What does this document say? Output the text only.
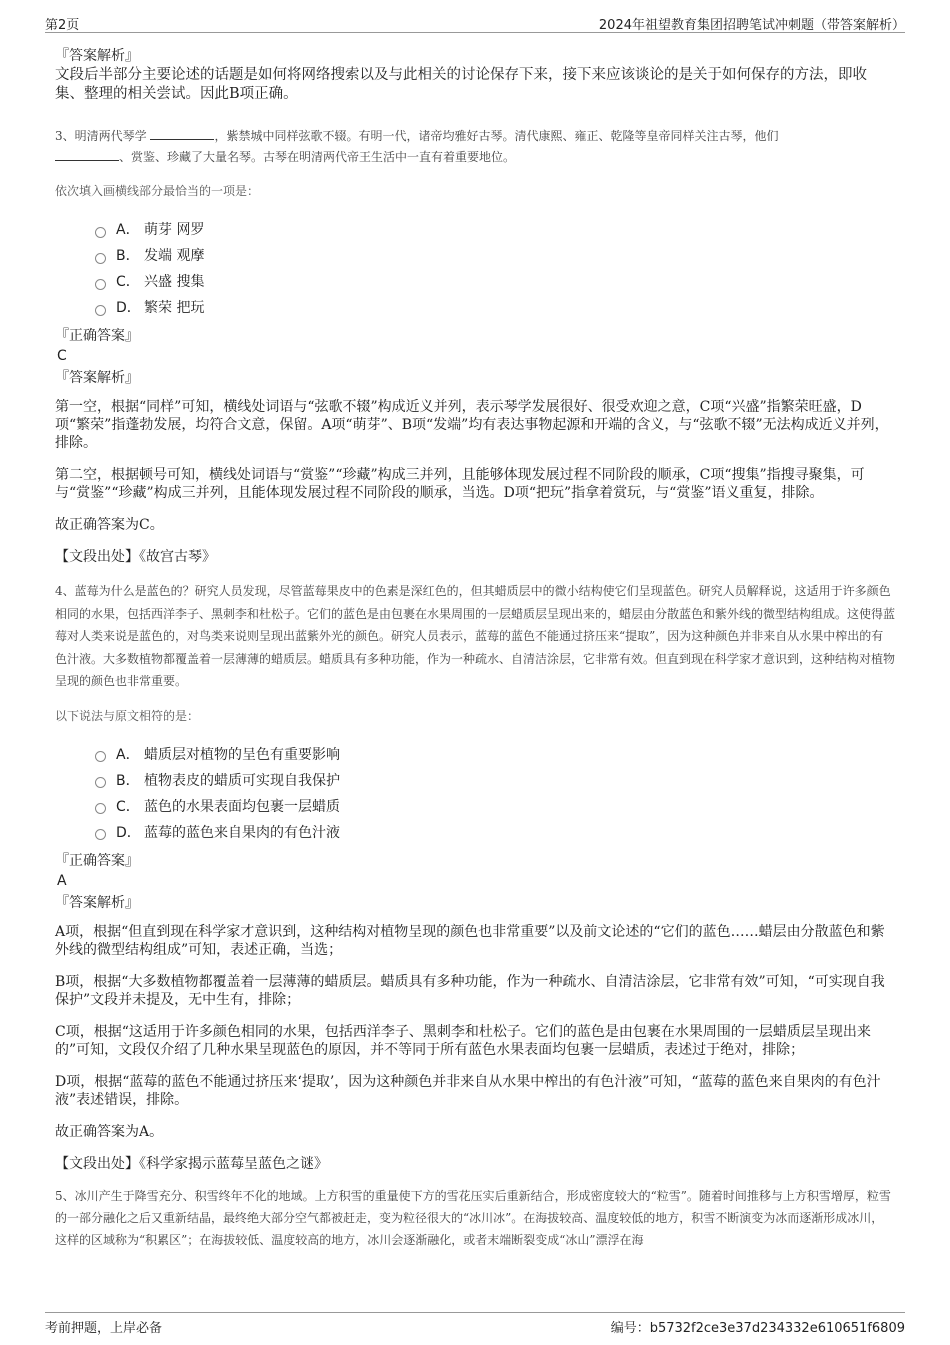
第2页	2024年祖望教育集团招聘笔试冲刺题（带答案解析）

『答案解析』

文段后半部分主要论述的话题是如何将网络搜索以及与此相关的讨论保存下来，接下来应该谈论的是关于如何保存的方法，即收集、整理的相关尝试。因此B项正确。

3、明清两代琴学	，紫禁城中同样弦歌不辍。有明一代，诸帝均雅好古琴。清代康熙、雍正、乾隆等皇帝同样关注古琴，他们
、赏鉴、珍藏了大量名琴。古琴在明清两代帝王生活中一直有着重要地位。

依次填入画横线部分最恰当的一项是：

A． 萌芽 网罗
B． 发端 观摩
C． 兴盛 搜集
D． 繁荣 把玩

『正确答案』

C

『答案解析』

第一空，根据“同样”可知，横线处词语与“弦歌不辍”构成近义并列，表示琴学发展很好、很受欢迎之意，C项“兴盛”指繁荣旺盛，D项“繁荣”指蓬勃发展，均符合文意，保留。A项“萌芽”、B项“发端”均有表达事物起源和开端的含义，与“弦歌不辍”无法构成近义并列，排除。

第二空，根据顿号可知，横线处词语与“赏鉴”“珍藏”构成三并列，且能够体现发展过程不同阶段的顺承，C项“搜集”指搜寻聚集，可与“赏鉴”“珍藏”构成三并列，且能体现发展过程不同阶段的顺承，当选。D项“把玩”指拿着赏玩，与“赏鉴”语义重复，排除。

故正确答案为C。

【文段出处】《故宫古琴》

4、蓝莓为什么是蓝色的？研究人员发现，尽管蓝莓果皮中的色素是深红色的，但其蜡质层中的微小结构使它们呈现蓝色。研究人员解释说，这适用于许多颜色相同的水果，包括西洋李子、黑刺李和杜松子。它们的蓝色是由包裹在水果周围的一层蜡质层呈现出来的，蜡层由分散蓝色和紫外线的微型结构组成。这使得蓝莓对人类来说是蓝色的，对鸟类来说则呈现出蓝紫外光的颜色。研究人员表示，蓝莓的蓝色不能通过挤压来“提取”，因为这种颜色并非来自从水果中榨出的有色汁液。大多数植物都覆盖着一层薄薄的蜡质层。蜡质具有多种功能，作为一种疏水、自清洁涂层，它非常有效。但直到现在科学家才意识到，这种结构对植物呈现的颜色也非常重要。

以下说法与原文相符的是：

A． 蜡质层对植物的呈色有重要影响
B． 植物表皮的蜡质可实现自我保护
C． 蓝色的水果表面均包裹一层蜡质
D． 蓝莓的蓝色来自果肉的有色汁液

『正确答案』

A

『答案解析』

A项，根据“但直到现在科学家才意识到，这种结构对植物呈现的颜色也非常重要”以及前文论述的“它们的蓝色……蜡层由分散蓝色和紫外线的微型结构组成”可知，表述正确，当选；

B项，根据“大多数植物都覆盖着一层薄薄的蜡质层。蜡质具有多种功能，作为一种疏水、自清洁涂层，它非常有效”可知，“可实现自我保护”文段并未提及，无中生有，排除；

C项，根据“这适用于许多颜色相同的水果，包括西洋李子、黑刺李和杜松子。它们的蓝色是由包裹在水果周围的一层蜡质层呈现出来的”可知，文段仅介绍了几种水果呈现蓝色的原因，并不等同于所有蓝色水果表面均包裹一层蜡质，表述过于绝对，排除；

D项，根据“蓝莓的蓝色不能通过挤压来‘提取’，因为这种颜色并非来自从水果中榨出的有色汁液”可知，“蓝莓的蓝色来自果肉的有色汁液”表述错误，排除。

故正确答案为A。

【文段出处】《科学家揭示蓝莓呈蓝色之谜》

5、冰川产生于降雪充分、积雪终年不化的地域。上方积雪的重量使下方的雪花压实后重新结合，形成密度较大的“粒雪”。随着时间推移与上方积雪增厚，粒雪的一部分融化之后又重新结晶，最终绝大部分空气都被赶走，变为粒径很大的“冰川冰”。在海拔较高、温度较低的地方，积雪不断演变为冰而逐渐形成冰川，这样的区域称为“积累区”；在海拔较低、温度较高的地方，冰川会逐渐融化，或者末端断裂变成“冰山”漂浮在海

考前押题，上岸必备	编号：b5732f2ce3e37d234332e610651f6809
